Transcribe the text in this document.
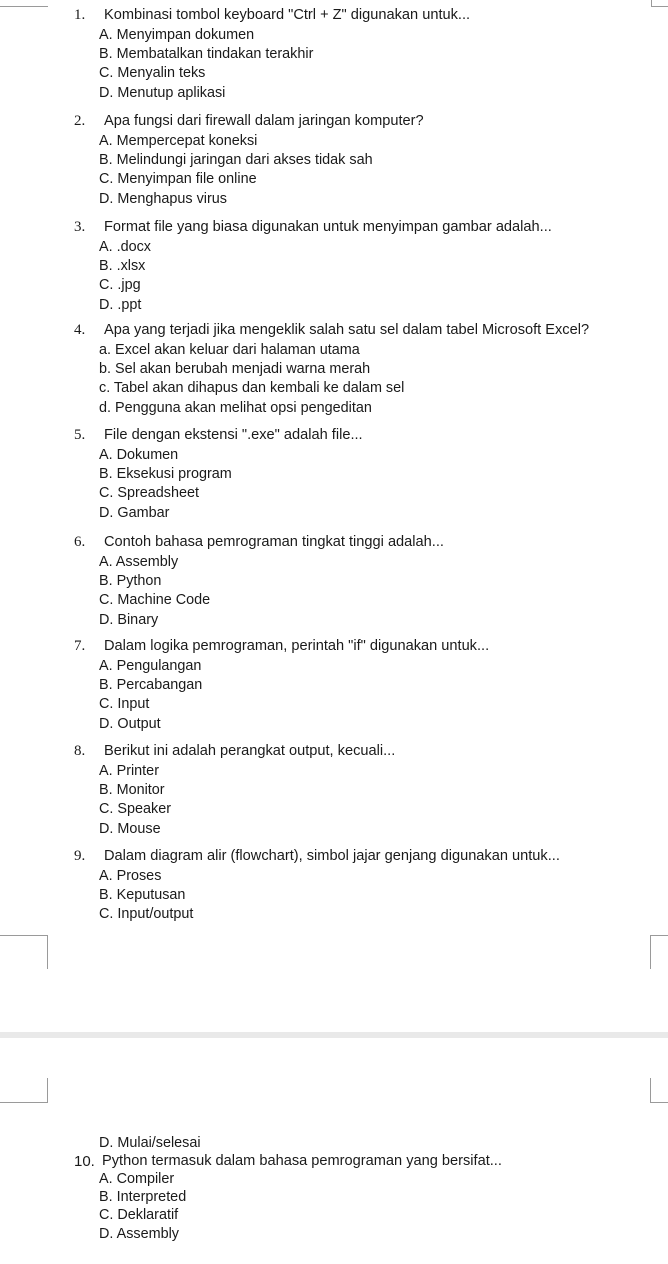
1. Kombinasi tombol keyboard "Ctrl + Z" digunakan untuk...
A. Menyimpan dokumen
B. Membatalkan tindakan terakhir
C. Menyalin teks
D. Menutup aplikasi
2. Apa fungsi dari firewall dalam jaringan komputer?
A. Mempercepat koneksi
B. Melindungi jaringan dari akses tidak sah
C. Menyimpan file online
D. Menghapus virus
3. Format file yang biasa digunakan untuk menyimpan gambar adalah...
A. .docx
B. .xlsx
C. .jpg
D. .ppt
4. Apa yang terjadi jika mengeklik salah satu sel dalam tabel Microsoft Excel?
a. Excel akan keluar dari halaman utama
b. Sel akan berubah menjadi warna merah
c. Tabel akan dihapus dan kembali ke dalam sel
d. Pengguna akan melihat opsi pengeditan
5. File dengan ekstensi ".exe" adalah file...
A. Dokumen
B. Eksekusi program
C. Spreadsheet
D. Gambar
6. Contoh bahasa pemrograman tingkat tinggi adalah...
A. Assembly
B. Python
C. Machine Code
D. Binary
7. Dalam logika pemrograman, perintah "if" digunakan untuk...
A. Pengulangan
B. Percabangan
C. Input
D. Output
8. Berikut ini adalah perangkat output, kecuali...
A. Printer
B. Monitor
C. Speaker
D. Mouse
9. Dalam diagram alir (flowchart), simbol jajar genjang digunakan untuk...
A. Proses
B. Keputusan
C. Input/output
D. Mulai/selesai
10. Python termasuk dalam bahasa pemrograman yang bersifat...
A. Compiler
B. Interpreted
C. Deklaratif
D. Assembly
